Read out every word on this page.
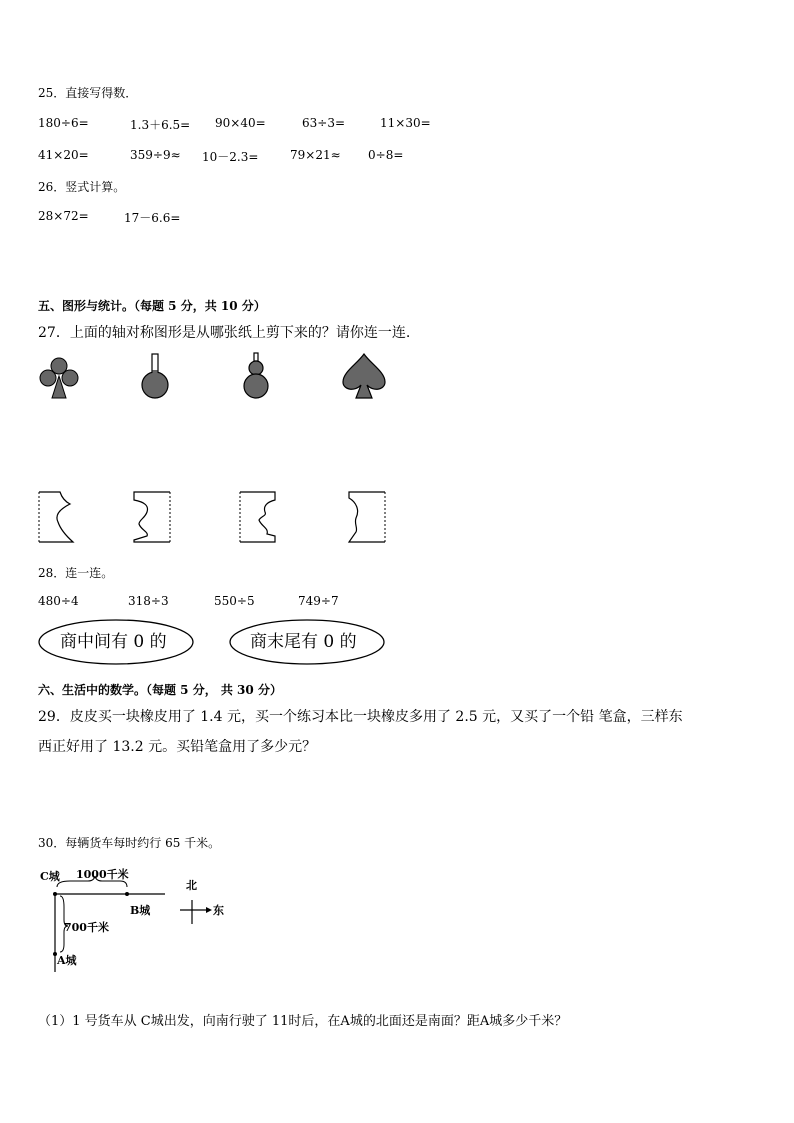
25．直接写得数．
180÷6=	1.3＋6.5= 90×40=	63÷3=	11×30=
41×20=	359÷9≈ 10－2.3=	79×21≈ 0÷8=
26．竖式计算。
28×72=	17－6.6=
五、图形与统计。（每题 5 分，共 10 分）
27．上面的轴对称图形是从哪张纸上剪下来的？请你连一连.
28．连一连。
480÷4	318÷3	550÷5	749÷7
商中间有 0 的	商末尾有 0 的
六、生活中的数学。（每题 5 分， 共 30 分）
29．皮皮买一块橡皮用了 1.4 元，买一个练习本比一块橡皮多用了 2.5 元，又买了一个铅 笔盒，三样东
西正好用了 13.2 元。买铅笔盒用了多少元？
30．每辆货车每时约行 65 千米。
C城 1000千米
B城
700千米
A城
北
东
（1）1 号货车从 C城出发，向南行驶了 11时后，在A城的北面还是南面？距A城多少千米？
